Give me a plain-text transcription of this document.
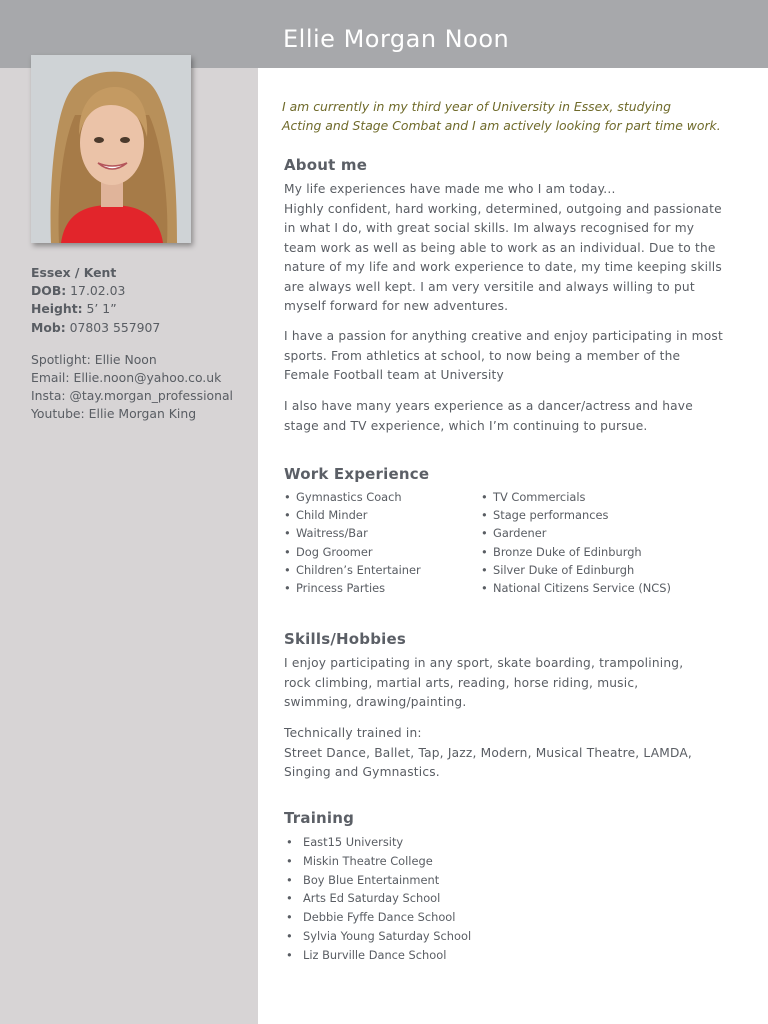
Ellie Morgan Noon
Essex / Kent
DOB: 17.02.03
Height: 5’ 1”
Mob: 07803 557907
Spotlight: Ellie Noon
Email: Ellie.noon@yahoo.co.uk
Insta: @tay.morgan_professional
Youtube: Ellie Morgan King
I am currently in my third year of University in Essex, studying
Acting and Stage Combat and I am actively looking for part time work.
About me
My life experiences have made me who I am today...
Highly confident, hard working, determined, outgoing and passionate
in what I do, with great social skills. Im always recognised for my
team work as well as being able to work as an individual. Due to the
nature of my life and work experience to date, my time keeping skills
are always well kept. I am very versitile and always willing to put
myself forward for new adventures.
I have a passion for anything creative and enjoy participating in most
sports. From athletics at school, to now being a member of the
Female Football team at University
I also have many years experience as a dancer/actress and have
stage and TV experience, which I’m continuing to pursue.
Work Experience
• Gymnastics Coach
• Child Minder
• Waitress/Bar
• Dog Groomer
• Children’s Entertainer
• Princess Parties
• TV Commercials
• Stage performances
• Gardener
• Bronze Duke of Edinburgh
• Silver Duke of Edinburgh
• National Citizens Service (NCS)
Skills/Hobbies
I enjoy participating in any sport, skate boarding, trampolining,
rock climbing, martial arts, reading, horse riding, music,
swimming, drawing/painting.
Technically trained in:
Street Dance, Ballet, Tap, Jazz, Modern, Musical Theatre, LAMDA,
Singing and Gymnastics.
Training
• East15 University
• Miskin Theatre College
• Boy Blue Entertainment
• Arts Ed Saturday School
• Debbie Fyffe Dance School
• Sylvia Young Saturday School
• Liz Burville Dance School
